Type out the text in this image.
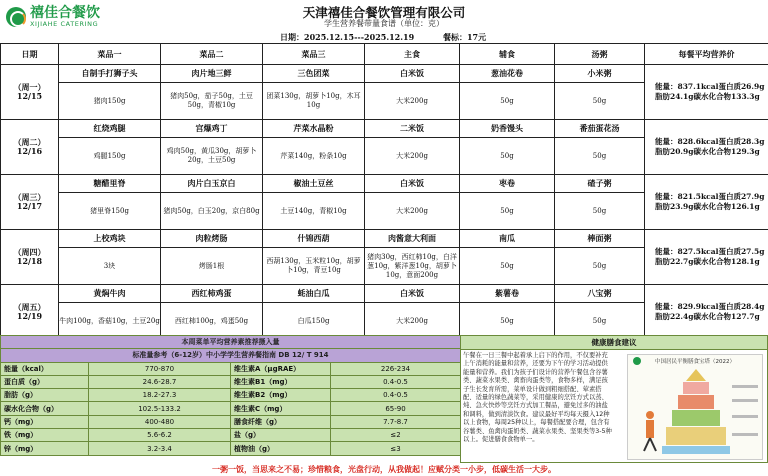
禧佳合餐饮
XIJIAHE CATERING
天津禧佳合餐饮管理有限公司
学生营养餐带量食谱（单位：克）
日期：2025.12.15---2025.12.19	餐标：17元
日期	菜品一	菜品二	菜品三	主食	辅食	汤粥	每餐平均营养价
（周一）12/15	自制手打狮子头	肉片地三鲜	三色团菜	白米饭	葱油花卷	小米粥	能量：837.1kcal蛋白质26.9g脂肪24.1g碳水化合物133.3g
	猪肉150g	猪肉50g，茄子50g，土豆50g，青椒10g	团菜130g，胡萝卜10g，木耳10g	大米200g	50g	50g	
（周二）12/16	红烧鸡腿	宫爆鸡丁	芹菜水晶粉	二米饭	奶香馒头	番茄蛋花汤	能量：828.6kcal蛋白质28.3g脂肪20.9g碳水化合物129.3g
	鸡腿150g	鸡肉50g，黄瓜30g，胡萝卜20g，土豆50g	芹菜140g，粉条10g	大米200g	50g	50g	
（周三）12/17	糖醋里脊	肉片白玉京白	椒油土豆丝	白米饭	枣卷	碴子粥	能量：821.5kcal蛋白质27.9g脂肪23.9g碳水化合物126.1g
	猪里脊150g	猪肉50g，白玉20g，京白80g	土豆140g，青椒10g	大米200g	50g	50g	
（周四）12/18	上校鸡块	肉粒烤肠	什锦西葫	肉酱意大利面	南瓜	棒面粥	能量：827.5kcal蛋白质27.5g脂肪22.7g碳水化合物128.1g
	3块	烤肠1根	西葫130g，玉米粒10g，胡萝卜10g，青豆10g	猪肉30g，西红柿10g，白洋葱10g，紫洋葱10g，胡萝卜10g，意面200g	50g	50g	
（周五）12/19	黄焖牛肉	西红柿鸡蛋	蚝油白瓜	白米饭	紫薯卷	八宝粥	能量：829.9kcal蛋白质28.4g脂肪22.4g碳水化合物127.7g
	牛肉100g，香菇10g，土豆20g	西红柿100g，鸡蛋50g	白瓜150g	大米200g	50g	50g	
本周菜单平均营养素推荐摄入量			
标准量参考（6-12岁）中小学学生营养餐指南 DB 12/ T 914			
能量（kcal）	770-870	维生素A（μgRAE）	226-234
蛋白质（g）	24.6-28.7	维生素B1（mg）	0.4-0.5
脂肪（g）	18.2-27.3	维生素B2（mg）	0.4-0.5
碳水化合物（g）	102.5-133.2	维生素C（mg）	65-90
钙（mg）	400-480	膳食纤维（g）	7.7-8.7
铁（mg）	5.6-6.2	盐（g）	≤2
锌（mg）	3.2-3.4	植物油（g）	≤3
健康膳食建议
午餐在一日三餐中起着承上启下的作用，不仅要补充上午消耗的能量和营养，还要为下午的学习活动提供能量和营养。我们为孩子们设计的营养午餐包含谷薯类、蔬菜水果类、禽畜肉蛋类等，食物多样，满足孩子生长发育所需，菜单设计做到粗细搭配、荤素搭配、适量的绿色蔬菜等，采用健康的烹饪方式以蒸、炖、急火快炒等烹饪方式加工餐品，避免过多的油盐和调料，做到清淡饮食。建议最好平均每天摄入12种以上食物，每周25种以上，每餐搭配要合理，包含有谷薯类、鱼禽肉蛋奶类、蔬菜水果类、坚果类等3-5种以上。促进膳食食物单一。
中国居民平衡膳食宝塔（2022）
一粥一饭，当思来之不易；珍惜粮食，光盘行动，从我做起！应赋分类一小步，低碳生活一大步。
